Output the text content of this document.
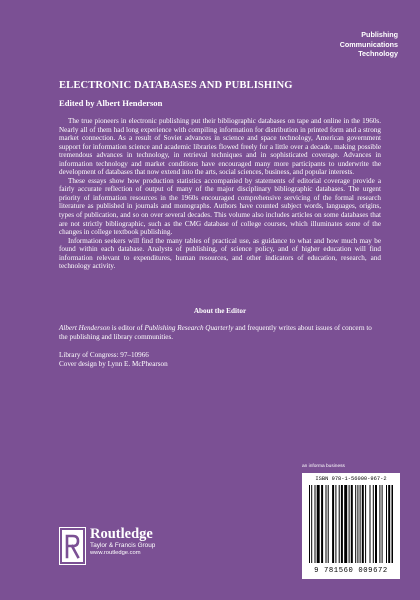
Publishing
Communications
Technology
ELECTRONIC DATABASES AND PUBLISHING
Edited by Albert Henderson

The true pioneers in electronic publishing put their bibliographic databases on tape and online in the 1960s. Nearly all of them had long experience with compiling information for distribution in printed form and a strong market connection. As a result of Soviet advances in science and space technology, American government support for information science and academic libraries flowed freely for a little over a decade, making possible tremendous advances in technology, in retrieval techniques and in sophisticated coverage. Advances in information technology and market conditions have encouraged many more participants to underwrite the development of databases that now extend into the arts, social sciences, business, and popular interests.

These essays show how production statistics accompanied by statements of editorial coverage provide a fairly accurate reflection of output of many of the major disciplinary bibliographic databases. The urgent priority of information resources in the 1960s encouraged comprehensive servicing of the formal research literature as published in journals and monographs. Authors have counted subject words, languages, origins, types of publication, and so on over several decades. This volume also includes articles on some databases that are not strictly bibliographic, such as the CMG database of college courses, which illuminates some of the changes in college textbook publishing.

Information seekers will find the many tables of practical use, as guidance to what and how much may be found within each database. Analysts of publishing, of science policy, and of higher education will find information relevant to expenditures, human resources, and other indicators of education, research, and technology activity.

About the Editor

Albert Henderson is editor of Publishing Research Quarterly and frequently writes about issues of concern to the publishing and library communities.

Library of Congress: 97–10966
Cover design by Lynn E. McPhearson

an informa business
ISBN 978-1-56000-967-2
9 781560 009672
Routledge
Taylor & Francis Group
www.routledge.com
